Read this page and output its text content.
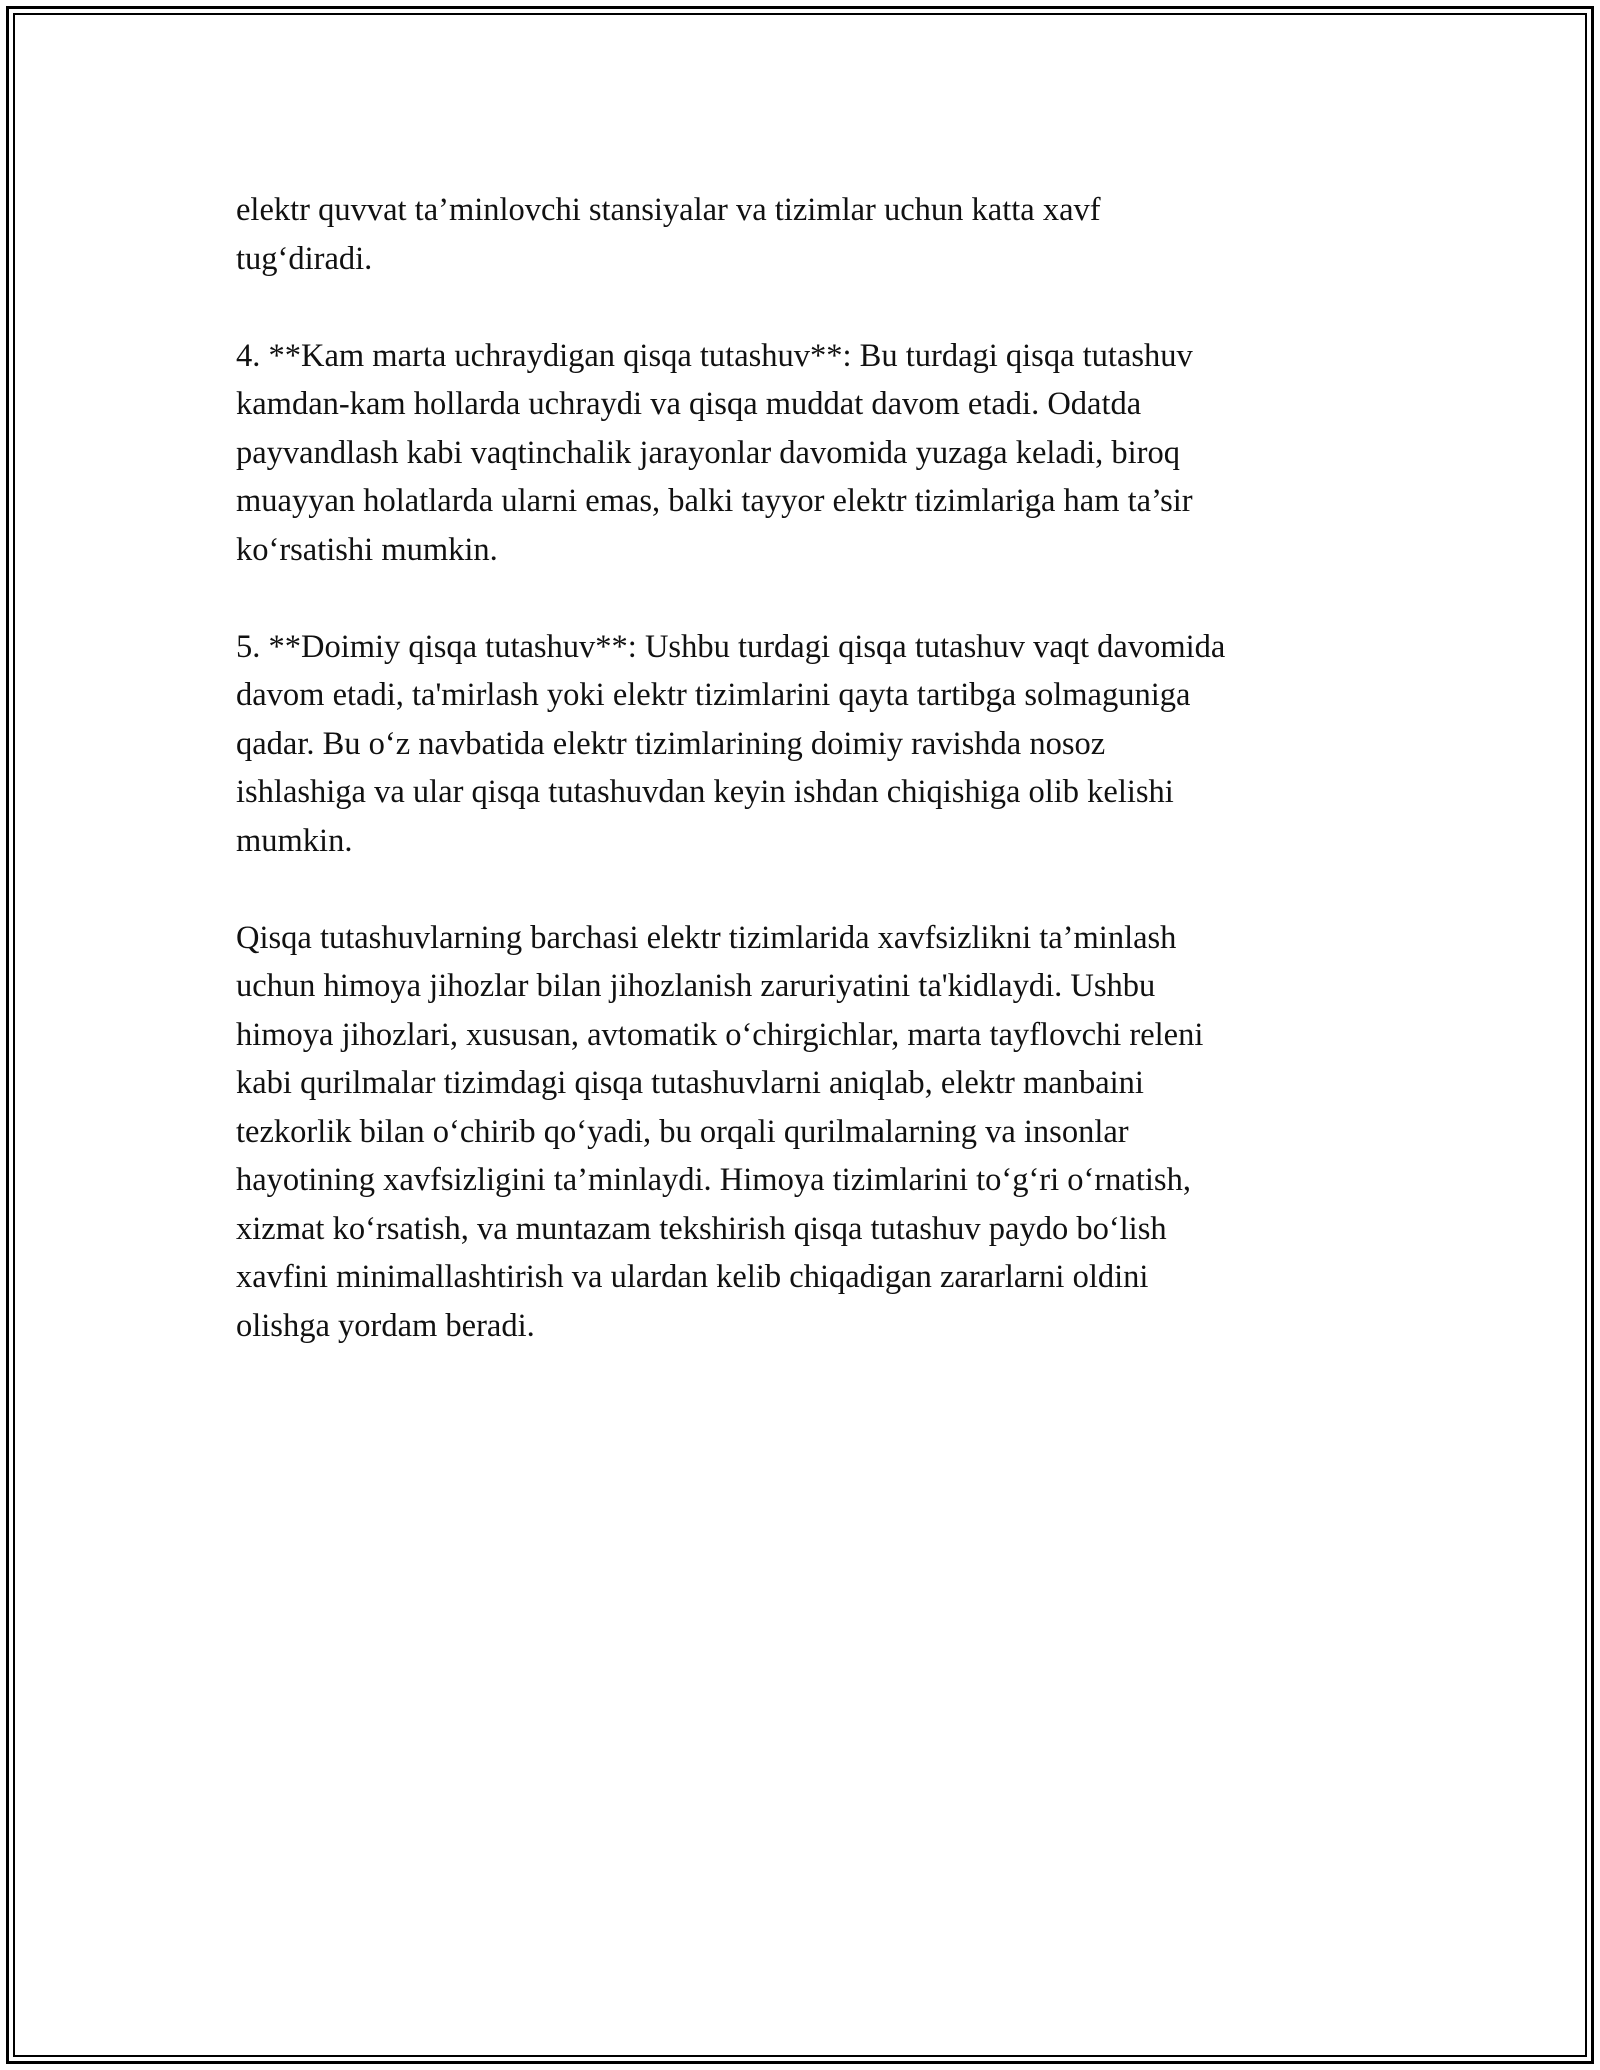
elektr quvvat ta’minlovchi stansiyalar va tizimlar uchun katta xavf
tug‘diradi.

4. **Kam marta uchraydigan qisqa tutashuv**: Bu turdagi qisqa tutashuv
kamdan-kam hollarda uchraydi va qisqa muddat davom etadi. Odatda
payvandlash kabi vaqtinchalik jarayonlar davomida yuzaga keladi, biroq
muayyan holatlarda ularni emas, balki tayyor elektr tizimlariga ham ta’sir
ko‘rsatishi mumkin.

5. **Doimiy qisqa tutashuv**: Ushbu turdagi qisqa tutashuv vaqt davomida
davom etadi, ta'mirlash yoki elektr tizimlarini qayta tartibga solmaguniga
qadar. Bu o‘z navbatida elektr tizimlarining doimiy ravishda nosoz
ishlashiga va ular qisqa tutashuvdan keyin ishdan chiqishiga olib kelishi
mumkin.

Qisqa tutashuvlarning barchasi elektr tizimlarida xavfsizlikni ta’minlash
uchun himoya jihozlar bilan jihozlanish zaruriyatini ta'kidlaydi. Ushbu
himoya jihozlari, xususan, avtomatik o‘chirgichlar, marta tayflovchi releni
kabi qurilmalar tizimdagi qisqa tutashuvlarni aniqlab, elektr manbaini
tezkorlik bilan o‘chirib qo‘yadi, bu orqali qurilmalarning va insonlar
hayotining xavfsizligini ta’minlaydi. Himoya tizimlarini to‘g‘ri o‘rnatish,
xizmat ko‘rsatish, va muntazam tekshirish qisqa tutashuv paydo bo‘lish
xavfini minimallashtirish va ulardan kelib chiqadigan zararlarni oldini
olishga yordam beradi.
